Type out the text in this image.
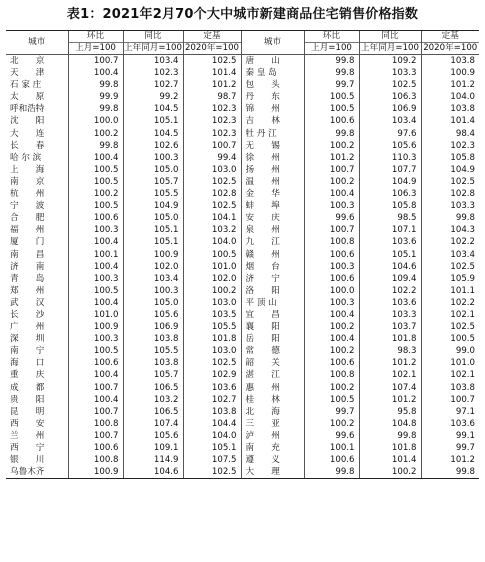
表1：2021年2月70个大中城市新建商品住宅销售价格指数
城市	环比	同比	定基	城市	环比	同比	定基
	上月=100	上年同月=100	2020年=100		上月=100	上年同月=100	2020年=100
北　　京	100.7	103.4	102.5	唐　　山	99.8	109.2	103.8
天　　津	100.4	102.3	101.4	秦 皇 岛	99.8	103.3	100.9
石 家 庄	99.8	102.7	101.2	包　　头	99.7	102.5	101.2
太　　原	99.9	99.2	98.7	丹　　东	100.5	106.3	104.0
呼和浩特	99.8	104.5	102.3	锦　　州	100.5	106.9	103.8
沈　　阳	100.0	105.1	102.3	吉　　林	100.6	103.4	101.4
大　　连	100.2	104.5	102.3	牡 丹 江	99.8	97.6	98.4
长　　春	99.8	102.6	100.7	无　　锡	100.2	105.6	102.3
哈 尔 滨	100.4	100.3	99.4	徐　　州	101.2	110.3	105.8
上　　海	100.5	105.0	103.0	扬　　州	100.7	107.7	104.9
南　　京	100.5	105.7	102.5	温　　州	100.2	104.9	102.5
杭　　州	100.2	105.5	102.8	金　　华	100.4	106.3	102.8
宁　　波	100.5	104.9	102.5	蚌　　埠	100.3	105.8	103.3
合　　肥	100.6	105.0	104.1	安　　庆	99.6	98.5	99.8
福　　州	100.3	105.1	103.2	泉　　州	100.7	107.1	104.3
厦　　门	100.4	105.1	104.0	九　　江	100.8	103.6	102.2
南　　昌	100.1	100.9	100.5	赣　　州	100.6	105.1	103.4
济　　南	100.4	102.0	101.0	烟　　台	100.3	104.6	102.5
青　　岛	100.3	103.4	102.0	济　　宁	100.6	109.4	105.9
郑　　州	100.5	100.3	100.2	洛　　阳	100.0	102.2	101.1
武　　汉	100.4	105.0	103.0	平 顶 山	100.3	103.6	102.2
长　　沙	101.0	105.6	103.5	宜　　昌	100.4	103.3	102.1
广　　州	100.9	106.9	105.5	襄　　阳	100.2	103.7	102.5
深　　圳	100.3	103.8	101.8	岳　　阳	100.4	101.8	100.5
南　　宁	100.5	105.5	103.0	常　　德	100.2	98.3	99.0
海　　口	100.6	103.8	102.5	韶　　关	100.6	101.2	101.0
重　　庆	100.4	105.7	102.9	湛　　江	100.8	102.1	102.1
成　　都	100.7	106.5	103.6	惠　　州	100.2	107.4	103.8
贵　　阳	100.4	103.2	102.7	桂　　林	100.5	101.2	100.7
昆　　明	100.7	106.5	103.8	北　　海	99.7	95.8	97.1
西　　安	100.8	107.4	104.4	三　　亚	100.2	104.8	103.6
兰　　州	100.7	105.6	104.0	泸　　州	99.6	99.8	99.1
西　　宁	100.6	109.1	105.1	南　　充	100.1	101.8	99.7
银　　川	100.8	114.9	107.5	遵　　义	100.6	101.4	101.2
乌鲁木齐	100.9	104.6	102.5	大　　理	99.8	100.2	99.8
